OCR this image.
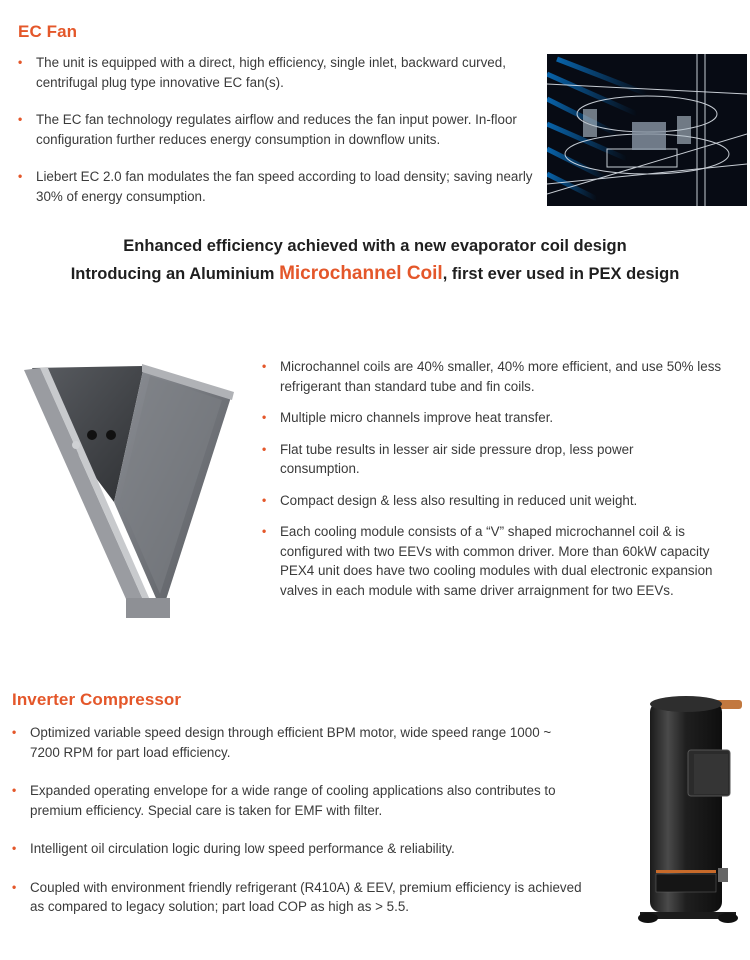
EC Fan
• The unit is equipped with a direct, high efficiency, single inlet, backward curved, centrifugal plug type innovative EC fan(s).
• The EC fan technology regulates airflow and reduces the fan input power. In-floor configuration further reduces energy consumption in downflow units.
• Liebert EC 2.0 fan modulates the fan speed according to load density; saving nearly 30% of energy consumption.
Enhanced efficiency achieved with a new evaporator coil design
Introducing an Aluminium Microchannel Coil, first ever used in PEX design
• Microchannel coils are 40% smaller, 40% more efficient, and use 50% less refrigerant than standard tube and fin coils.
• Multiple micro channels improve heat transfer.
• Flat tube results in lesser air side pressure drop, less power consumption.
• Compact design & less also resulting in reduced unit weight.
• Each cooling module consists of a “V” shaped microchannel coil & is configured with two EEVs with common driver. More than 60kW capacity PEX4 unit does have two cooling modules with dual electronic expansion valves in each module with same driver arraignment for two EEVs.
Inverter Compressor
• Optimized variable speed design through efficient BPM motor, wide speed range 1000 ~ 7200 RPM for part load efficiency.
• Expanded operating envelope for a wide range of cooling applications also contributes to premium efficiency. Special care is taken for EMF with filter.
• Intelligent oil circulation logic during low speed performance & reliability.
• Coupled with environment friendly refrigerant (R410A) & EEV, premium efficiency is achieved as compared to legacy solution; part load COP as high as > 5.5.
